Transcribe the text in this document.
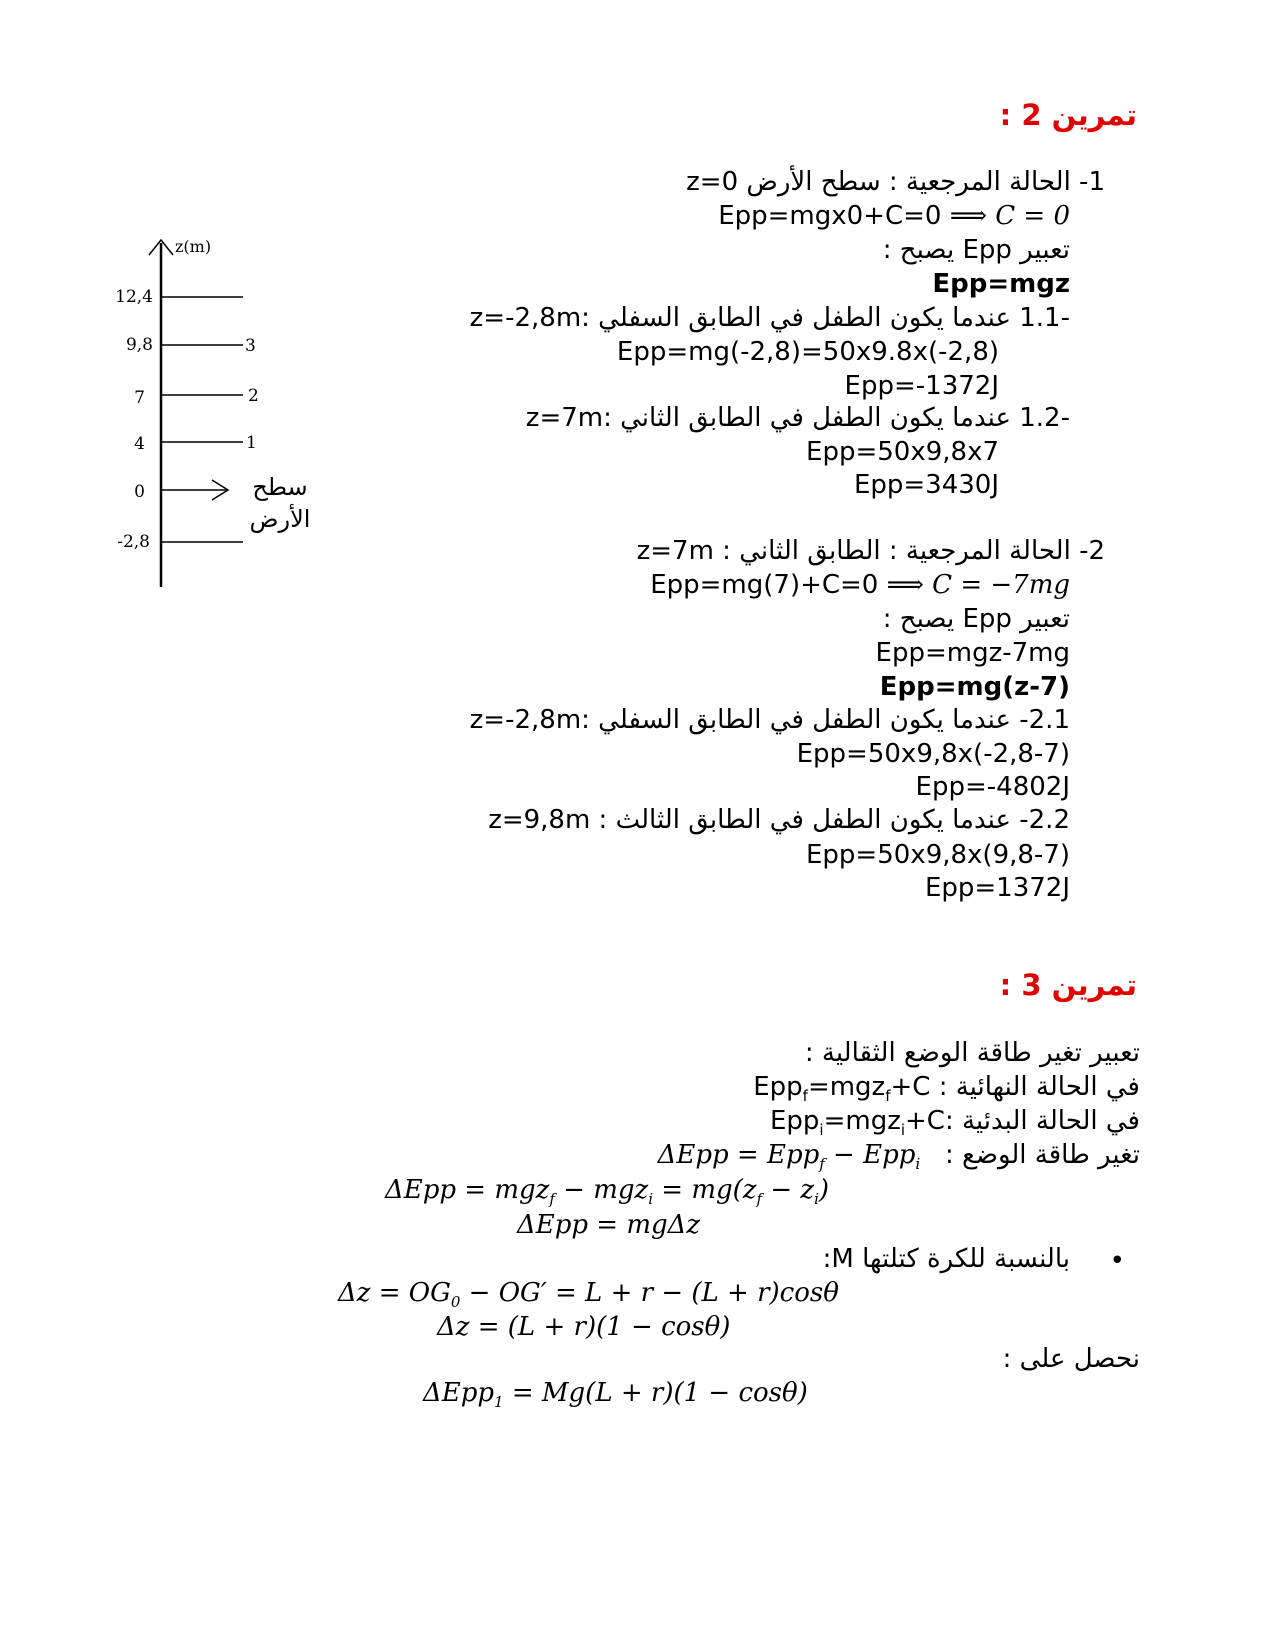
تمرين 2 :
1- الحالة المرجعية : سطح الأرض z=0
Epp=mgx0+C=0 ⟹ C = 0
تعبير Epp يصبح :
Epp=mgz
-1.1 عندما يكون الطفل في الطابق السفلي :z=-2,8m
Epp=mg(-2,8)=50x9.8x(-2,8)
Epp=-1372J
-1.2 عندما يكون الطفل في الطابق الثاني :z=7m
Epp=50x9,8x7
Epp=3430J
2- الحالة المرجعية : الطابق الثاني : z=7m
Epp=mg(7)+C=0 ⟹ C = −7mg
تعبير Epp يصبح :
Epp=mgz-7mg
Epp=mg(z-7)
2.1- عندما يكون الطفل في الطابق السفلي :z=-2,8m
Epp=50x9,8x(-2,8-7)
Epp=-4802J
2.2- عندما يكون الطفل في الطابق الثالث : z=9,8m
Epp=50x9,8x(9,8-7)
Epp=1372J
z(m)
12,4
9,8	3
7	2
4	1
0	سطح
الأرض
-2,8
تمرين 3 :
تعبير تغير طاقة الوضع الثقالية :
في الحالة النهائية : Epp$_f$=mgz$_f$+C
في الحالة البدئية Epp$_i$=mgz$_i$+C:
تغير طاقة الوضع :   ΔEpp = Epp$_f$ − Epp$_i$
$\Delta Epp = mgz_f - mgz_i = mg(z_f - z_i)$
ΔEpp = mgΔz
•
بالنسبة للكرة كتلتها M:
$\Delta z = OG_0 - OG' = L + r - (L + r)\cos\theta$
Δz = (L + r)(1 − cosθ)
نحصل على :
ΔEpp$_1$ = Mg(L + r)(1 − cosθ)
